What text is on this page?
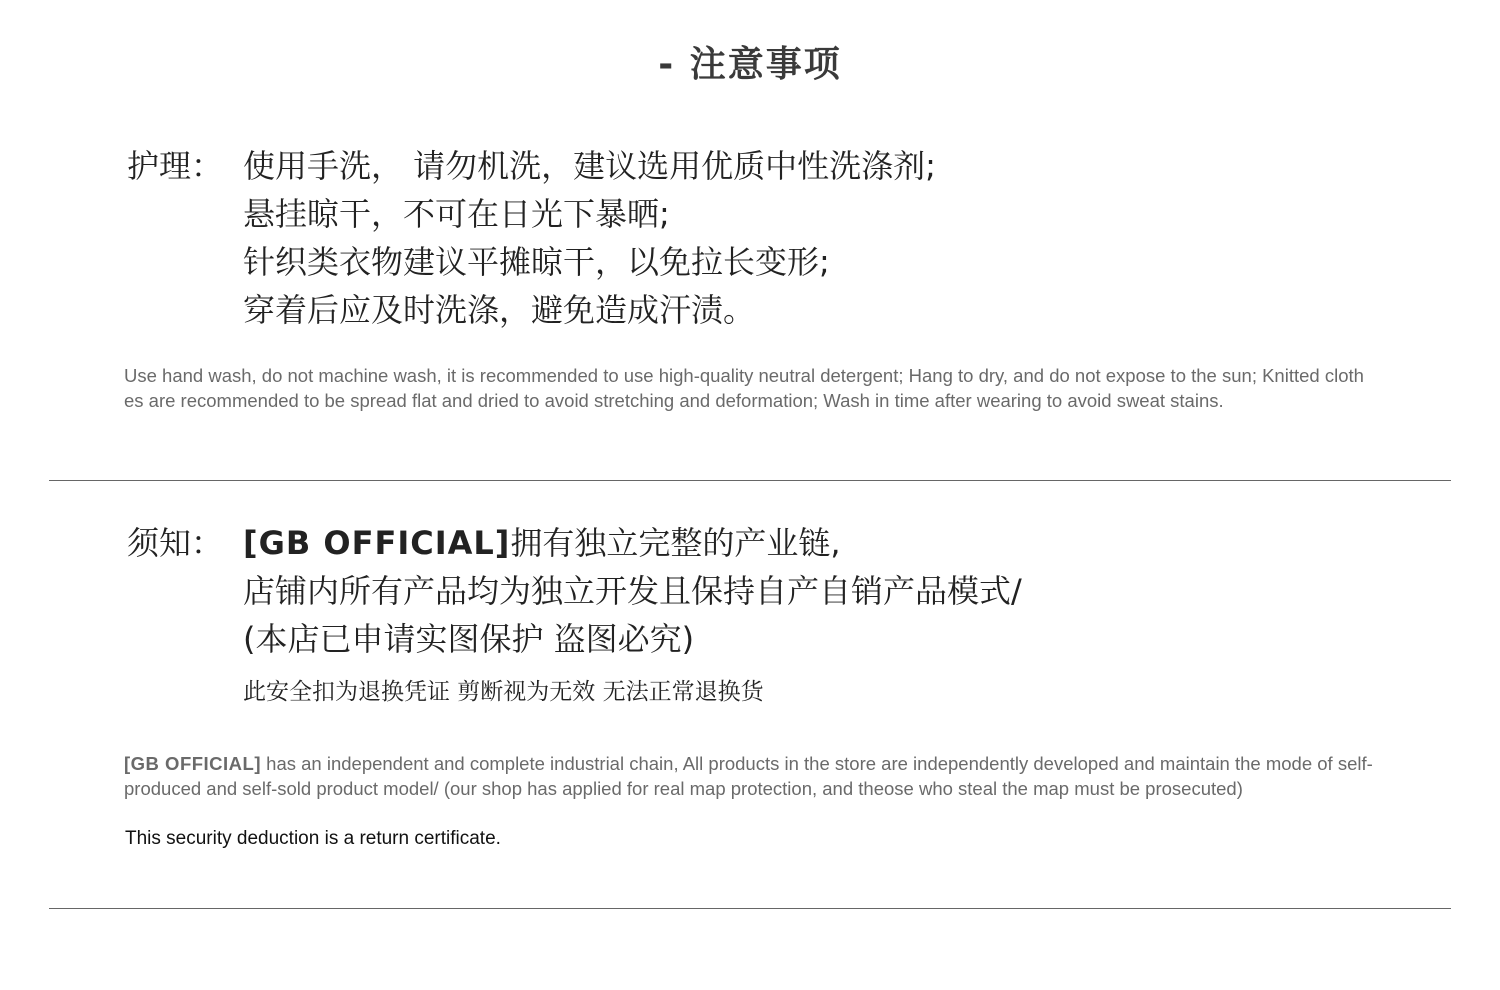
- 注意事项
护理： 使用手洗， 请勿机洗，建议选用优质中性洗涤剂;
悬挂晾干，不可在日光下暴晒;
针织类衣物建议平摊晾干，以免拉长变形;
穿着后应及时洗涤，避免造成汗渍。
Use hand wash, do not machine wash, it is recommended to use high-quality neutral detergent; Hang to dry, and do not expose to the sun; Knitted clothes are recommended to be spread flat and dried to avoid stretching and deformation; Wash in time after wearing to avoid sweat stains.
须知： [GB OFFICIAL]拥有独立完整的产业链,
店铺内所有产品均为独立开发且保持自产自销产品模式/
(本店已申请实图保护 盗图必究)
此安全扣为退换凭证 剪断视为无效 无法正常退换货
[GB OFFICIAL] has an independent and complete industrial chain, All products in the store are independently developed and maintain the mode of self-produced and self-sold product model/ (our shop has applied for real map protection, and theose who steal the map must be prosecuted)
This security deduction is a return certificate.
